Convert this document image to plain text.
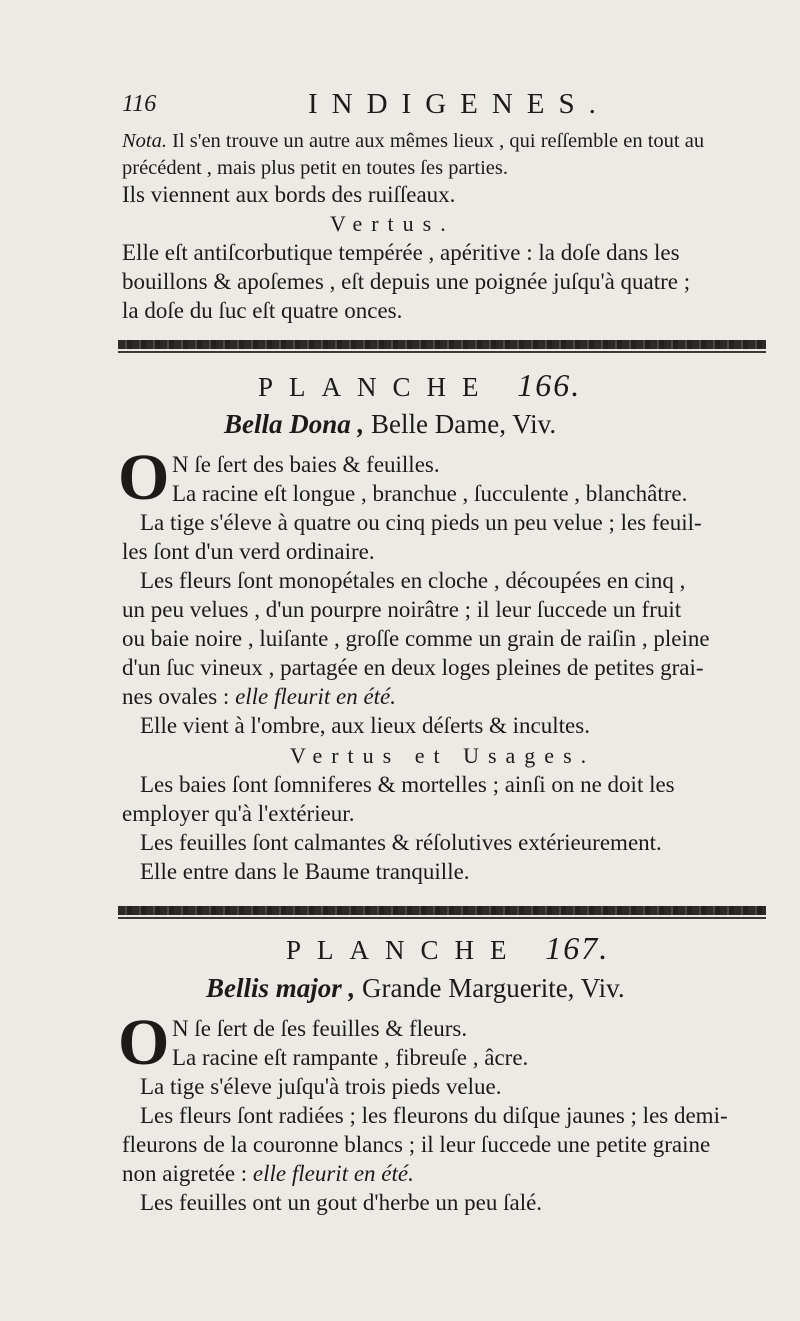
116	INDIGENES.
Nota. Il s'en trouve un autre aux mêmes lieux , qui reſſemble en tout au
précédent , mais plus petit en toutes ſes parties.
Ils viennent aux bords des ruiſſeaux.
Vertus.
Elle eſt antiſcorbutique tempérée , apéritive : la doſe dans les
bouillons & apoſemes , eſt depuis une poignée juſqu'à quatre ;
la doſe du ſuc eſt quatre onces.
PLANCHE 166.
Bella Dona , Belle Dame, Viv.
O N ſe ſert des baies & feuilles.
La racine eſt longue , branchue , ſucculente , blanchâtre.
La tige s'éleve à quatre ou cinq pieds un peu velue ; les feuil-
les ſont d'un verd ordinaire.
Les fleurs ſont monopétales en cloche , découpées en cinq ,
un peu velues , d'un pourpre noirâtre ; il leur ſuccede un fruit
ou baie noire , luiſante , groſſe comme un grain de raiſin , pleine
d'un ſuc vineux , partagée en deux loges pleines de petites grai-
nes ovales : elle fleurit en été.
Elle vient à l'ombre, aux lieux déſerts & incultes.
Vertus et Usages.
Les baies ſont ſomniferes & mortelles ; ainſi on ne doit les
employer qu'à l'extérieur.
Les feuilles ſont calmantes & réſolutives extérieurement.
Elle entre dans le Baume tranquille.
PLANCHE 167.
Bellis major , Grande Marguerite, Viv.
O N ſe ſert de ſes feuilles & fleurs.
La racine eſt rampante , fibreuſe , âcre.
La tige s'éleve juſqu'à trois pieds velue.
Les fleurs ſont radiées ; les fleurons du diſque jaunes ; les demi-
fleurons de la couronne blancs ; il leur ſuccede une petite graine
non aigretée : elle fleurit en été.
Les feuilles ont un gout d'herbe un peu ſalé.
